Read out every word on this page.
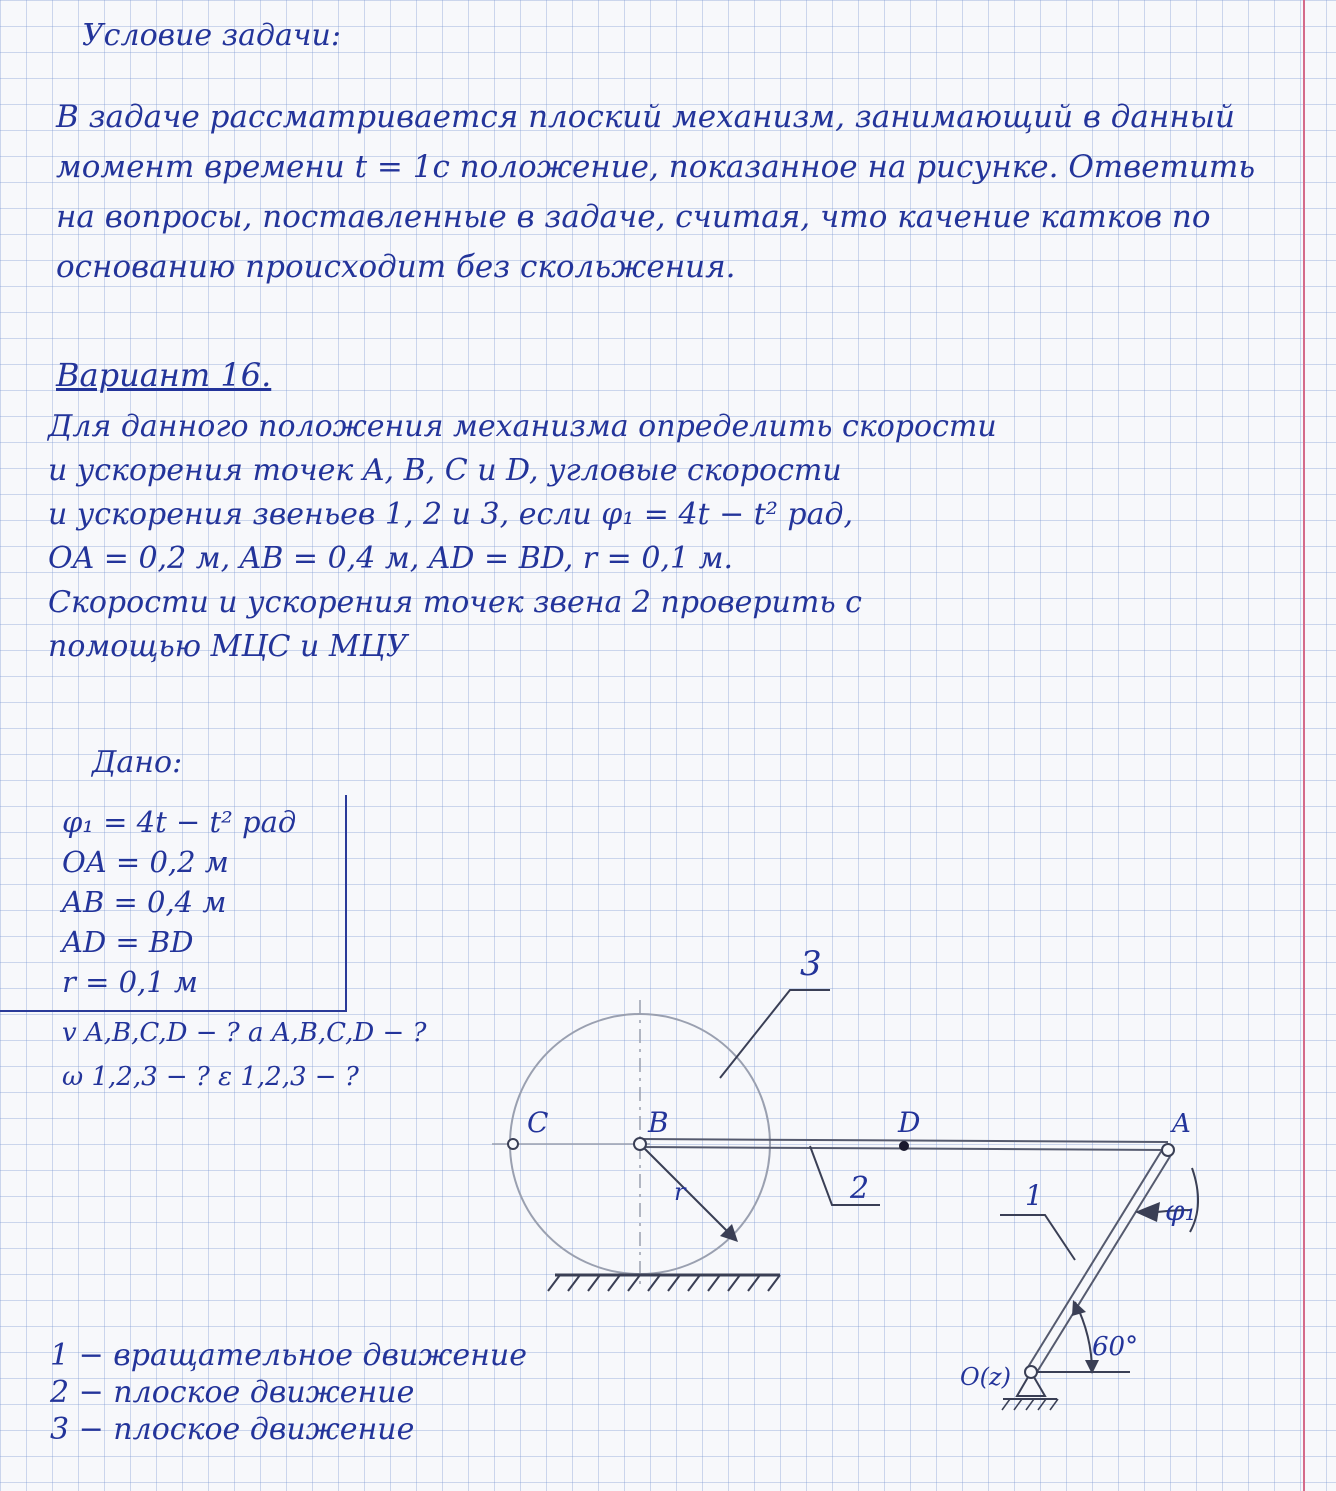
Условие задачи:
В задаче рассматривается плоский механизм, занимающий в данный момент времени t = 1c положение, показанное на рисунке. Ответить на вопросы, поставленные в задаче, считая, что качение катков по основанию происходит без скольжения.
Вариант 16.
Для данного положения механизма определить скорости
и ускорения точек A, B, C и D, угловые скорости
и ускорения звеньев 1, 2 и 3, если φ₁ = 4t − t² рад,
OA = 0,2 м, AB = 0,4 м, AD = BD, r = 0,1 м.
Скорости и ускорения точек звена 2 проверить с
помощью МЦС и МЦУ
Дано:
φ₁ = 4t − t² рад
OA = 0,2 м
AB = 0,4 м
AD = BD
r = 0,1 м
v A,B,C,D − ? a A,B,C,D − ?
ω 1,2,3 − ? ε 1,2,3 − ?
C	B	D	A
O(z)
r
3
2	1	φ₁
60°
1 − вращательное движение
2 − плоское движение
3 − плоское движение
